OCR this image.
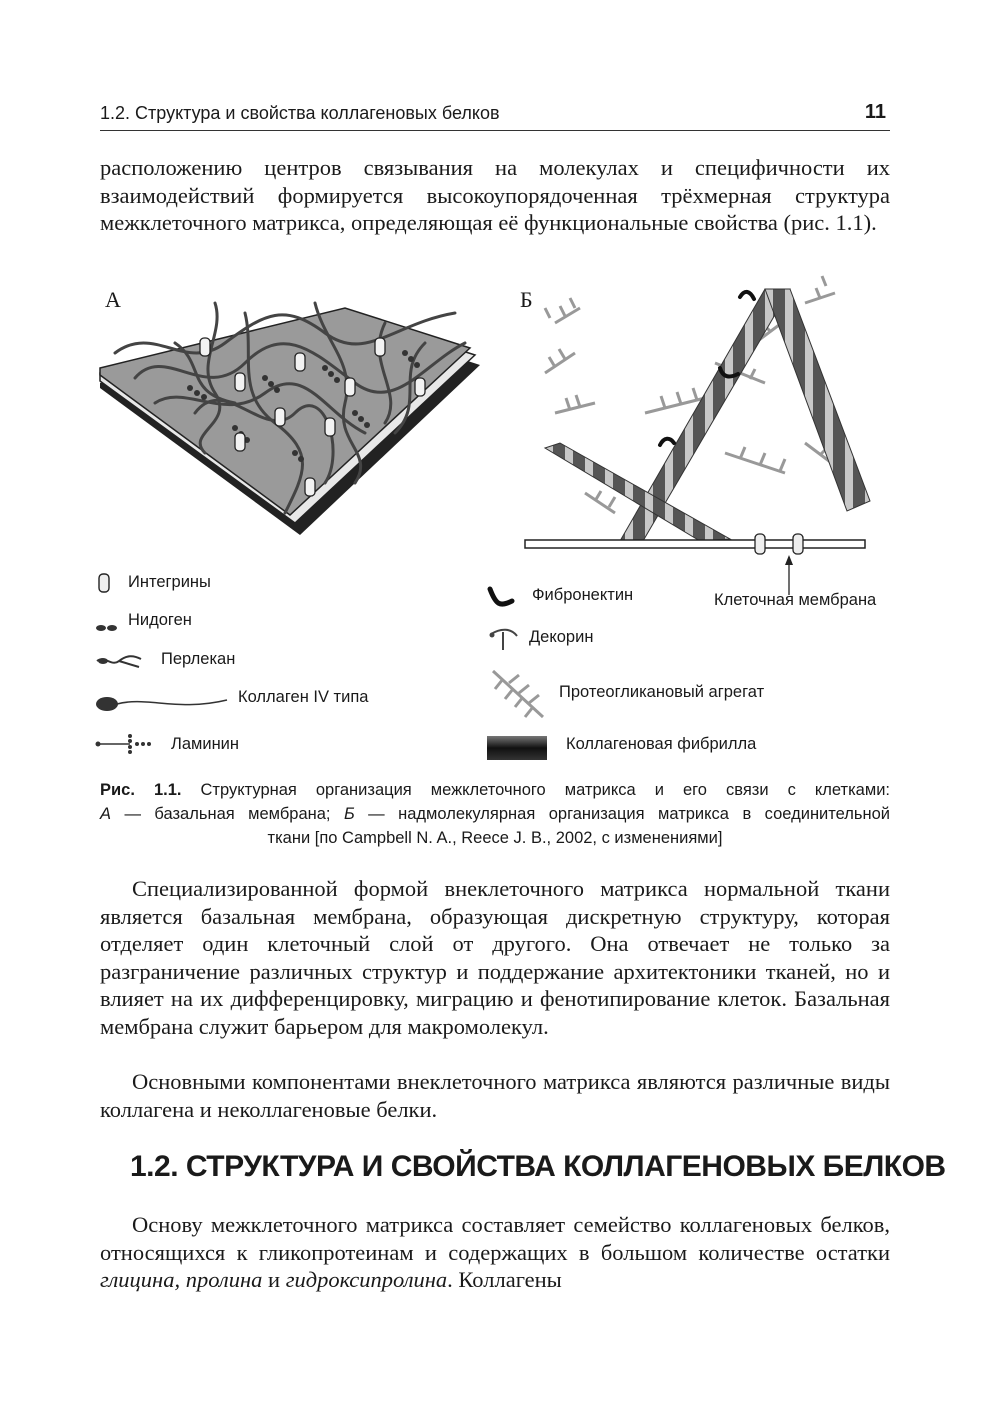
1.2. Структура и свойства коллагеновых белков	11

расположению центров связывания на молекулах и специфичности их взаимодействий формируется высокоупорядоченная трёхмерная структура межклеточного матрикса, определяющая её функциональные свойства (рис. 1.1).

А	Б
Интегрины
Нидоген
Перлекан
Коллаген IV типа
Ламинин
Фибронектин	Клеточная мембрана
Декорин
Протеогликановый агрегат
Коллагеновая фибрилла
Рис. 1.1. Структурная организация межклеточного матрикса и его связи с клетками:
А — базальная мембрана; Б — надмолекулярная организация матрикса в соединительной
ткани [по Campbell N. A., Reece J. B., 2002, с изменениями]

Специализированной формой внеклеточного матрикса нормальной ткани является базальная мембрана, образующая дискретную структуру, которая отделяет один клеточный слой от другого. Она отвечает не только за разграничение различных структур и поддержание архитектоники тканей, но и влияет на их дифференцировку, миграцию и фенотипирование клеток. Базальная мембрана служит барьером для макромолекул.

Основными компонентами внеклеточного матрикса являются различные виды коллагена и неколлагеновые белки.

1.2. СТРУКТУРА И СВОЙСТВА КОЛЛАГЕНОВЫХ БЕЛКОВ

Основу межклеточного матрикса составляет семейство коллагеновых белков, относящихся к гликопротеинам и содержащих в большом количестве остатки глицина, пролина и гидроксипролина. Коллагены
